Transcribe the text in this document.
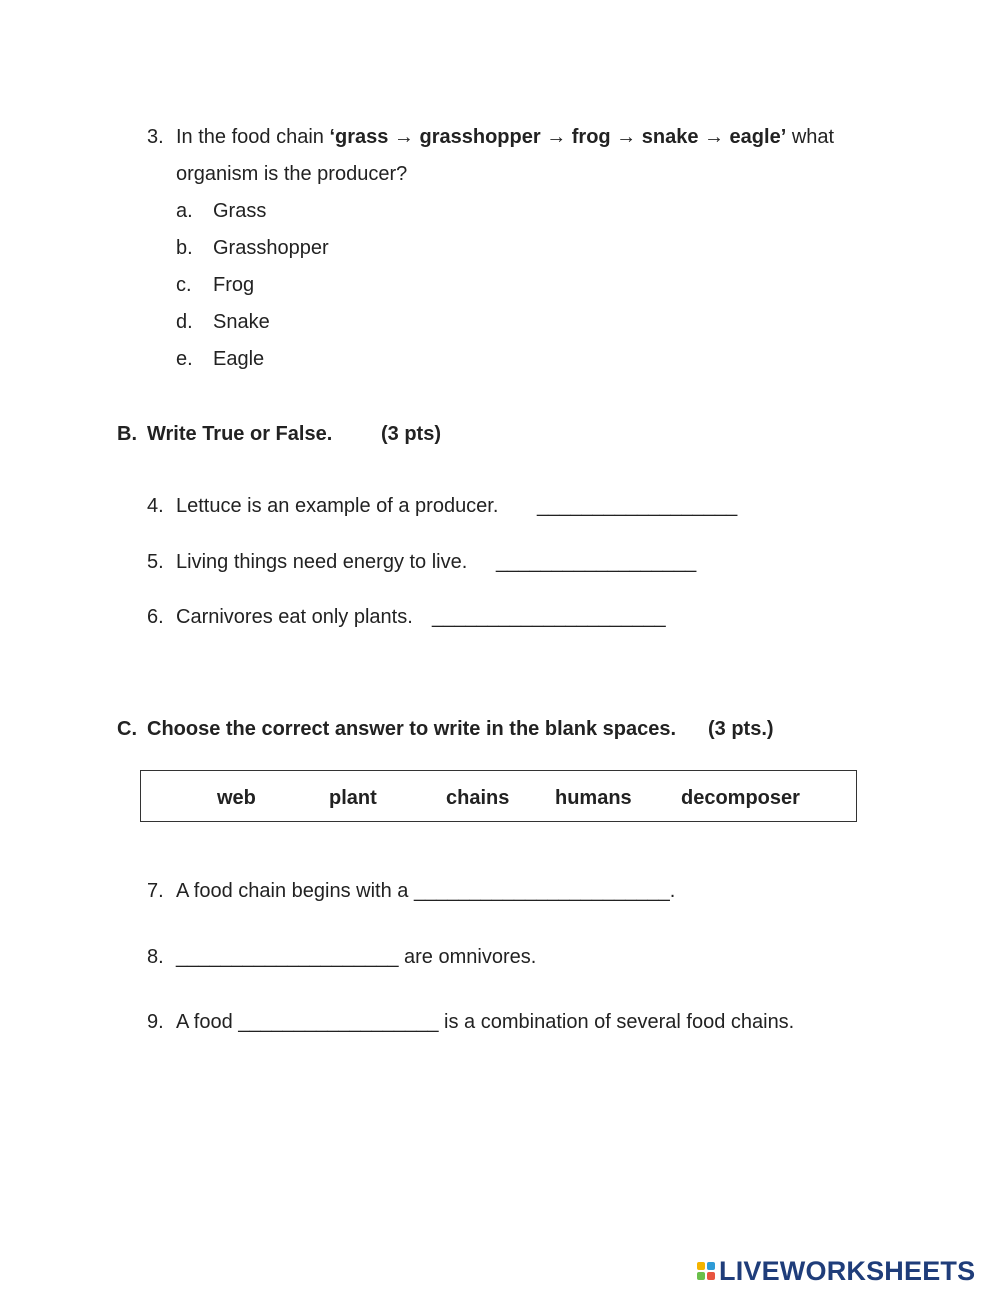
3. In the food chain ‘grass → grasshopper → frog → snake → eagle’ what
organism is the producer?
a. Grass
b. Grasshopper
c. Frog
d. Snake
e. Eagle
B. Write True or False. (3 pts)
4. Lettuce is an example of a producer. __________________
5. Living things need energy to live. __________________
6. Carnivores eat only plants. _____________________
C. Choose the correct answer to write in the blank spaces. (3 pts.)
web	plant	chains humans decomposer
7. A food chain begins with a _______________________.
8. ____________________ are omnivores.
9. A food __________________ is a combination of several food chains.
LIVEWORKSHEETS
